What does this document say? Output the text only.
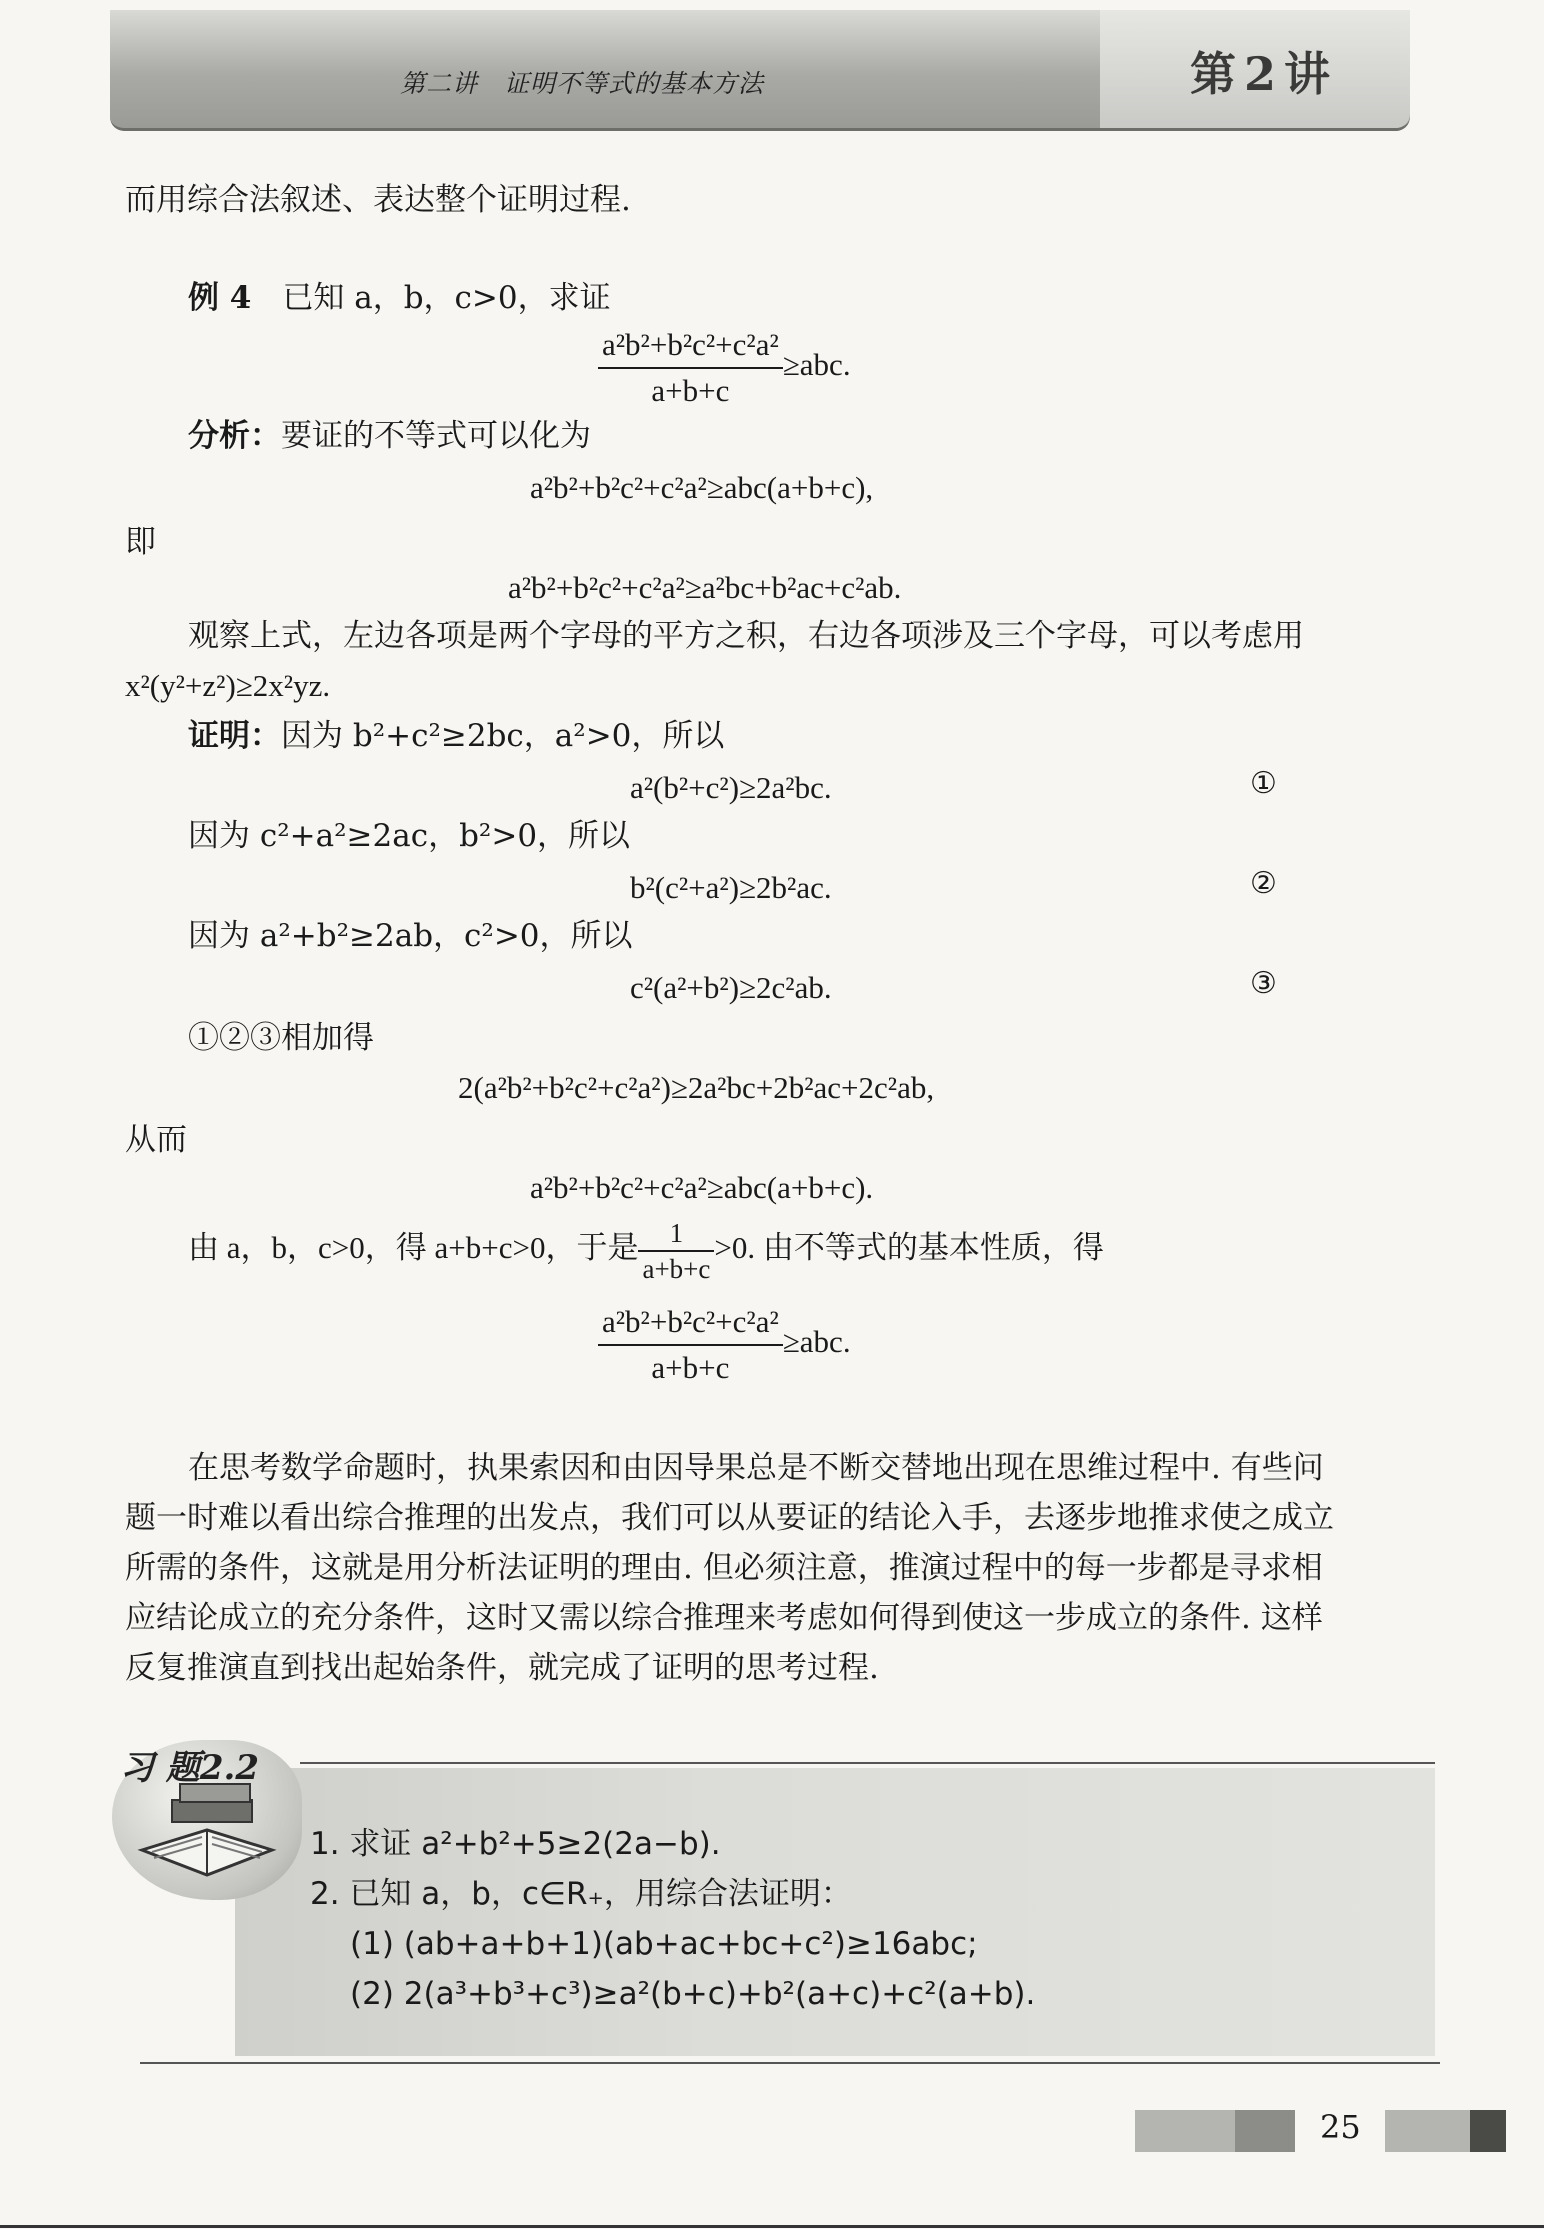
第二讲　证明不等式的基本方法	第2讲
而用综合法叙述、表达整个证明过程.
例 4　 已知 a，b，c>0，求证
$\frac{\text{a²b²+b²c²+c²a²}}{a+b+c} \ge abc$.
分析：要证的不等式可以化为
a²b²+b²c²+c²a²≥abc(a+b+c),
即
a²b²+b²c²+c²a²≥a²bc+b²ac+c²ab.
观察上式，左边各项是两个字母的平方之积，右边各项涉及三个字母，可以考虑用
x²(y²+z²)≥2x²yz.
证明：因为 b²+c²≥2bc，a²>0，所以
a²(b²+c²)≥2a²bc.	①
因为 c²+a²≥2ac，b²>0，所以
b²(c²+a²)≥2b²ac.	②
因为 a²+b²≥2ab，c²>0，所以
c²(a²+b²)≥2c²ab.	③
①②③相加得
2(a²b²+b²c²+c²a²)≥2a²bc+2b²ac+2c²ab,
从而
a²b²+b²c²+c²a²≥abc(a+b+c).
由 a，b，c>0，得 a+b+c>0，于是 $\frac{1}{a+b+c} >0$. 由不等式的基本性质，得
$\frac{\text{a²b²+b²c²+c²a²}}{a+b+c} \ge abc$.
在思考数学命题时，执果索因和由因导果总是不断交替地出现在思维过程中. 有些问
题一时难以看出综合推理的出发点，我们可以从要证的结论入手，去逐步地推求使之成立
所需的条件，这就是用分析法证明的理由. 但必须注意，推演过程中的每一步都是寻求相
应结论成立的充分条件，这时又需以综合推理来考虑如何得到使这一步成立的条件. 这样
反复推演直到找出起始条件，就完成了证明的思考过程.
习 题2.2
1. 求证 a²+b²+5≥2(2a−b).
2. 已知 a，b，c∈R₊，用综合法证明：
(1) (ab+a+b+1)(ab+ac+bc+c²)≥16abc;
(2) 2(a³+b³+c³)≥a²(b+c)+b²(a+c)+c²(a+b).
25
